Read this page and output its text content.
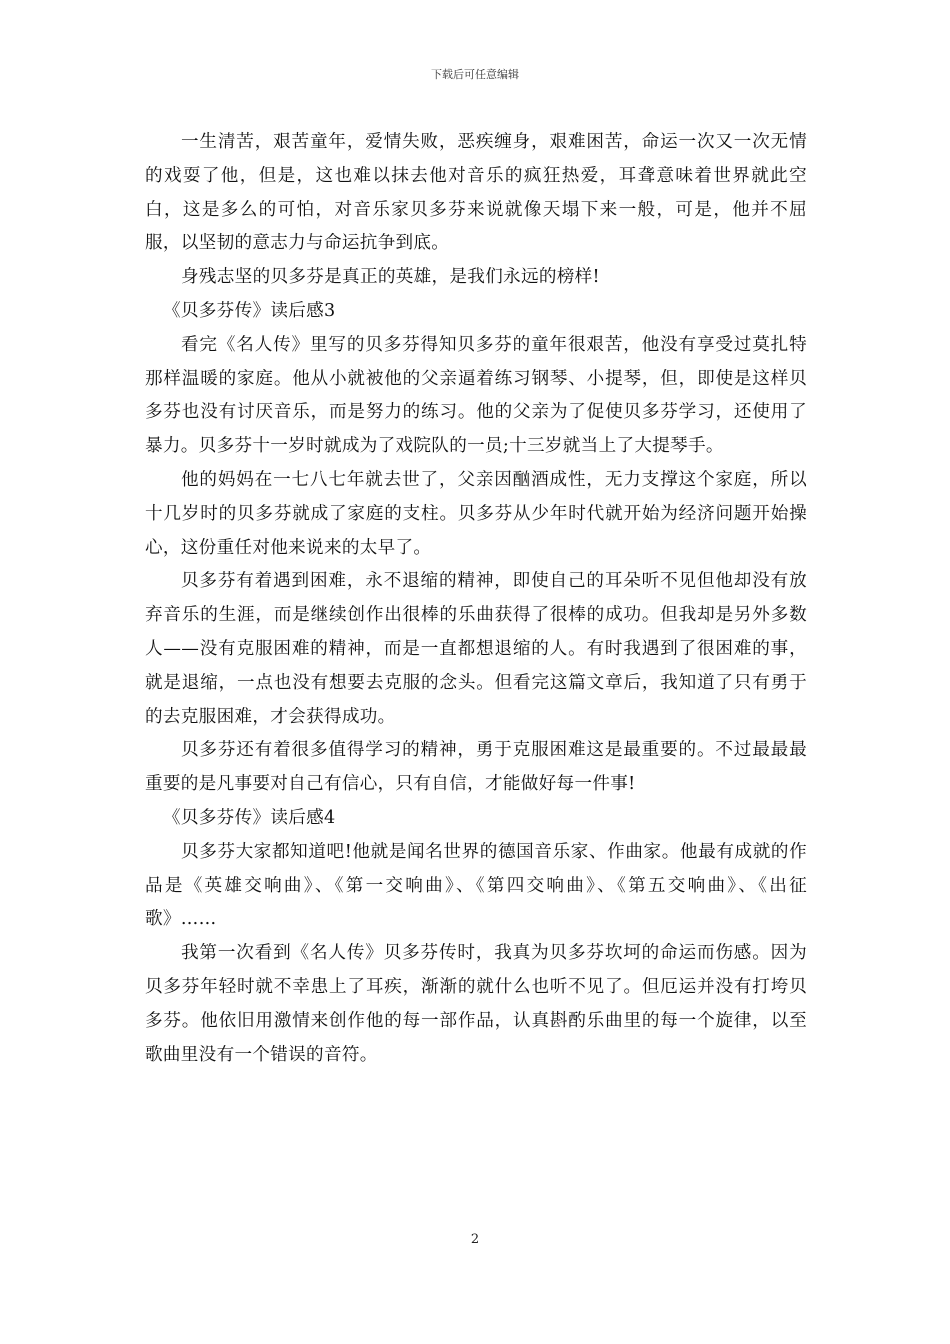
下载后可任意编辑

一生清苦，艰苦童年，爱情失败，恶疾缠身，艰难困苦，命运一次又一次无情的戏耍了他，但是，这也难以抹去他对音乐的疯狂热爱，耳聋意味着世界就此空白，这是多么的可怕，对音乐家贝多芬来说就像天塌下来一般，可是，他并不屈服，以坚韧的意志力与命运抗争到底。

身残志坚的贝多芬是真正的英雄，是我们永远的榜样!

《贝多芬传》读后感3

看完《名人传》里写的贝多芬得知贝多芬的童年很艰苦，他没有享受过莫扎特那样温暖的家庭。他从小就被他的父亲逼着练习钢琴、小提琴，但，即使是这样贝多芬也没有讨厌音乐，而是努力的练习。他的父亲为了促使贝多芬学习，还使用了暴力。贝多芬十一岁时就成为了戏院队的一员;十三岁就当上了大提琴手。

他的妈妈在一七八七年就去世了，父亲因酗酒成性，无力支撑这个家庭，所以十几岁时的贝多芬就成了家庭的支柱。贝多芬从少年时代就开始为经济问题开始操心，这份重任对他来说来的太早了。

贝多芬有着遇到困难，永不退缩的精神，即使自己的耳朵听不见但他却没有放弃音乐的生涯，而是继续创作出很棒的乐曲获得了很棒的成功。但我却是另外多数人——没有克服困难的精神，而是一直都想退缩的人。有时我遇到了很困难的事，就是退缩，一点也没有想要去克服的念头。但看完这篇文章后，我知道了只有勇于的去克服困难，才会获得成功。

贝多芬还有着很多值得学习的精神，勇于克服困难这是最重要的。不过最最最重要的是凡事要对自己有信心，只有自信，才能做好每一件事!

《贝多芬传》读后感4

贝多芬大家都知道吧!他就是闻名世界的德国音乐家、作曲家。他最有成就的作品是《英雄交响曲》、《第一交响曲》、《第四交响曲》、《第五交响曲》、《出征歌》……

我第一次看到《名人传》贝多芬传时，我真为贝多芬坎坷的命运而伤感。因为贝多芬年轻时就不幸患上了耳疾，渐渐的就什么也听不见了。但厄运并没有打垮贝多芬。他依旧用激情来创作他的每一部作品，认真斟酌乐曲里的每一个旋律，以至歌曲里没有一个错误的音符。

2
